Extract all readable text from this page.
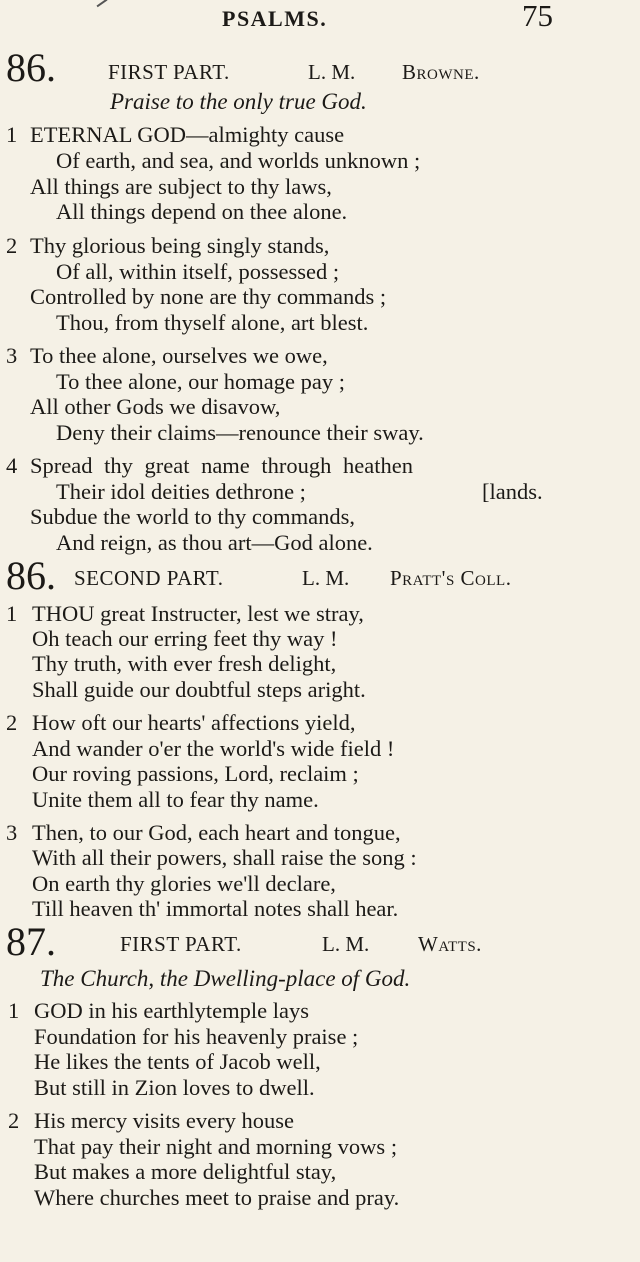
PSALMS.	75
86. FIRST PART.	L. M. Browne.
Praise to the only true God.
1 ETERNAL GOD—almighty cause
Of earth, and sea, and worlds unknown ;
All things are subject to thy laws,
All things depend on thee alone.
2 Thy glorious being singly stands,
Of all, within itself, possessed ;
Controlled by none are thy commands ;
Thou, from thyself alone, art blest.
3 To thee alone, ourselves we owe,
To thee alone, our homage pay ;
All other Gods we disavow,
Deny their claims—renounce their sway.
4 Spread thy great name through heathen
Their idol deities dethrone ;	[lands.
Subdue the world to thy commands,
And reign, as thou art—God alone.
86. SECOND PART.	L. M. Pratt's Coll.
1 THOU great Instructer, lest we stray,
Oh teach our erring feet thy way !
Thy truth, with ever fresh delight,
Shall guide our doubtful steps aright.
2 How oft our hearts' affections yield,
And wander o'er the world's wide field !
Our roving passions, Lord, reclaim ;
Unite them all to fear thy name.
3 Then, to our God, each heart and tongue,
With all their powers, shall raise the song :
On earth thy glories we'll declare,
Till heaven th' immortal notes shall hear.
87.	FIRST PART.	L. M. Watts.
The Church, the Dwelling-place of God.
1 GOD in his earthlytemple lays
Foundation for his heavenly praise ;
He likes the tents of Jacob well,
But still in Zion loves to dwell.
2 His mercy visits every house
That pay their night and morning vows ;
But makes a more delightful stay,
Where churches meet to praise and pray.
